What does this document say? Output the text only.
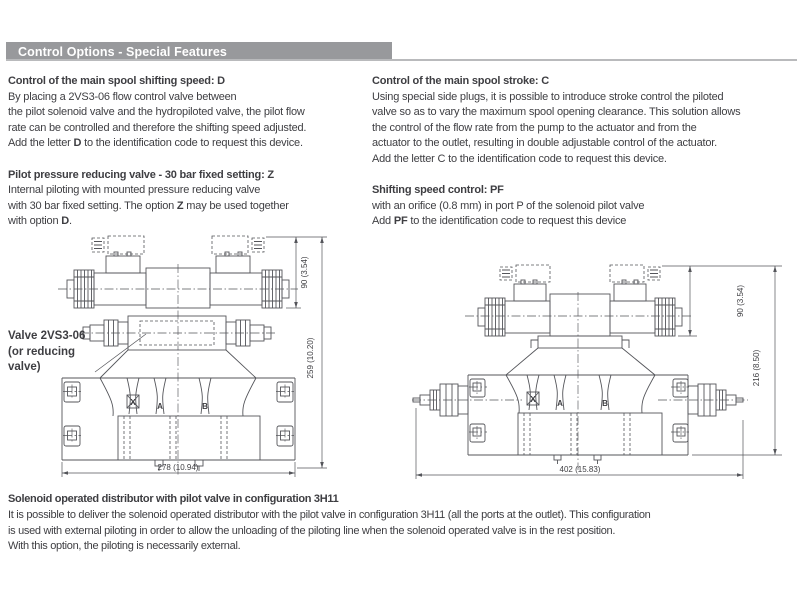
Control Options - Special Features
Control of the main spool shifting speed: D
By placing a 2VS3-06 flow control valve between
the pilot solenoid valve and the hydropiloted valve, the pilot flow
rate can be controlled and therefore the shifting speed adjusted.
Add the letter D to the identification code to request this device.
Pilot pressure reducing valve - 30 bar fixed setting: Z
Internal piloting with mounted pressure reducing valve
with 30 bar fixed setting. The option Z may be used together
with option D.
Control of the main spool stroke: C
Using special side plugs, it is possible to introduce stroke control the piloted
valve so as to vary the maximum spool opening clearance. This solution allows
the control of the flow rate from the pump to the actuator and from the
actuator to the outlet, resulting in double adjustable control of the actuator.
Add the letter C to the identification code to request this device.
Shifting speed control: PF
with an orifice (0.8 mm) in port P of the solenoid pilot valve
Add PF to the identification code to request this device
X	A	B
90 (3.54)
259 (10.20)
278 (10.94)
Valve 2VS3-06
(or reducing
valve)
X	A	B
90 (3.54)
216 (8.50)
402 (15.83)
Solenoid operated distributor with pilot valve in configuration 3H11
It is possible to deliver the solenoid operated distributor with the pilot valve in configuration 3H11 (all the ports at the outlet). This configuration
is used with external piloting in order to allow the unloading of the piloting line when the solenoid operated valve is in the rest position.
With this option, the piloting is necessarily external.
